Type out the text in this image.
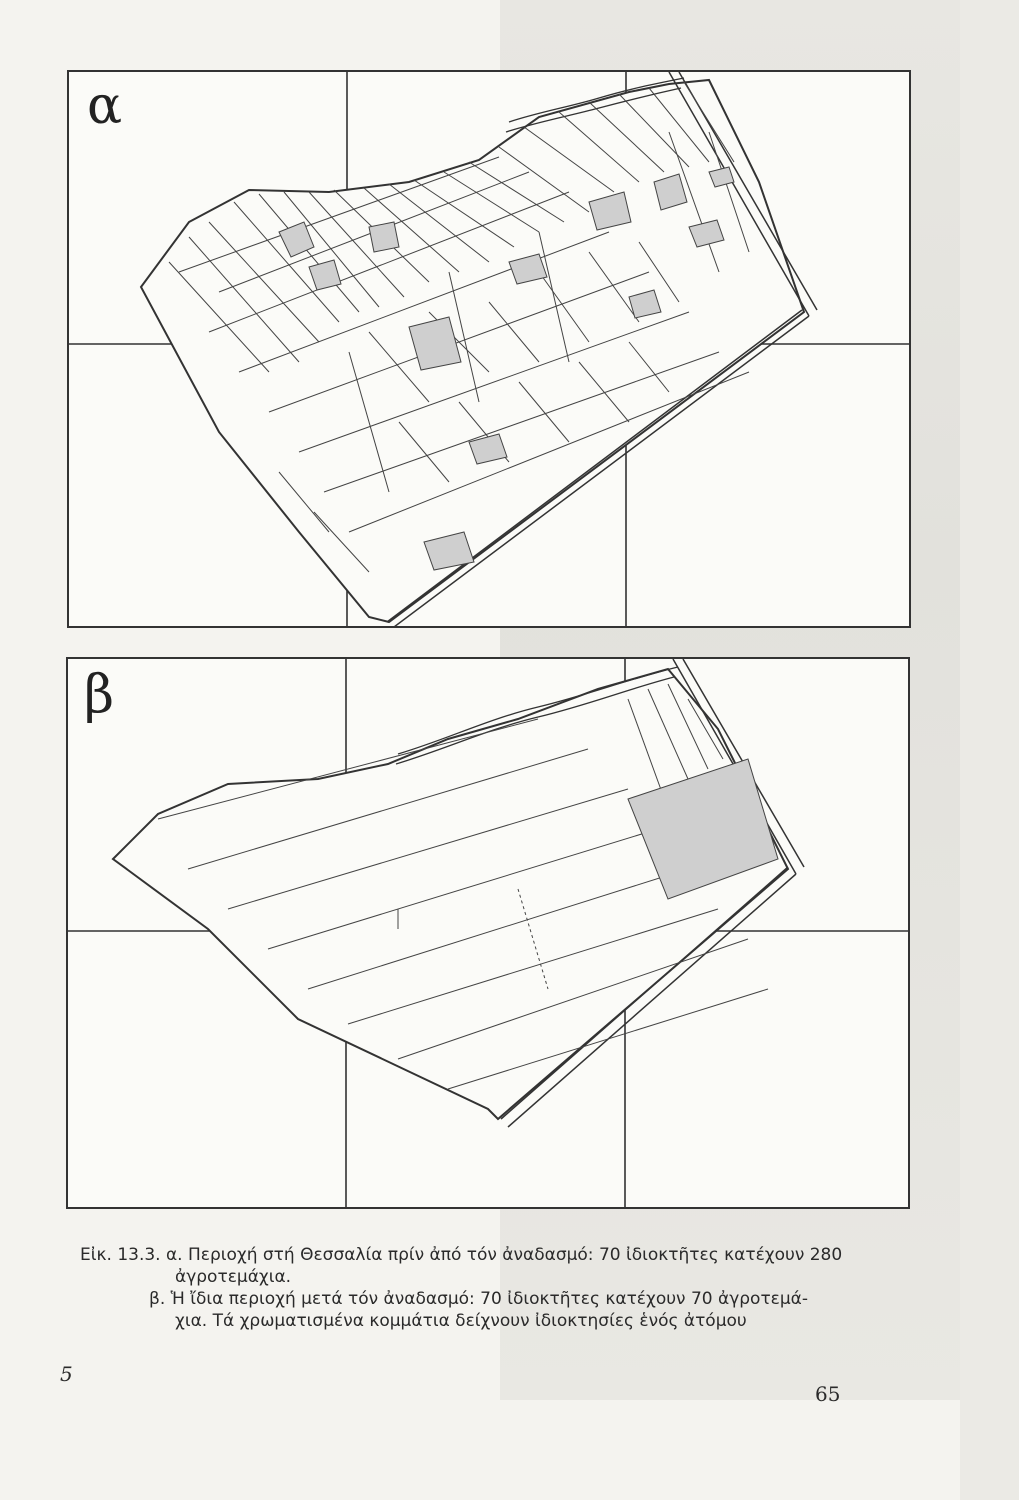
α
β
Εἰκ. 13.3. α. Περιοχή στή Θεσσαλία πρίν ἀπό τόν ἀναδασμό: 70 ἰδιοκτῆτες κατέχουν 280
ἀγροτεμάχια.
β. Ἡ ἴδια περιοχή μετά τόν ἀναδασμό: 70 ἰδιοκτῆτες κατέχουν 70 ἀγροτεμά-
χια. Τά χρωματισμένα κομμάτια δείχνουν ἰδιοκτησίες ἑνός ἀτόμου
5
65
